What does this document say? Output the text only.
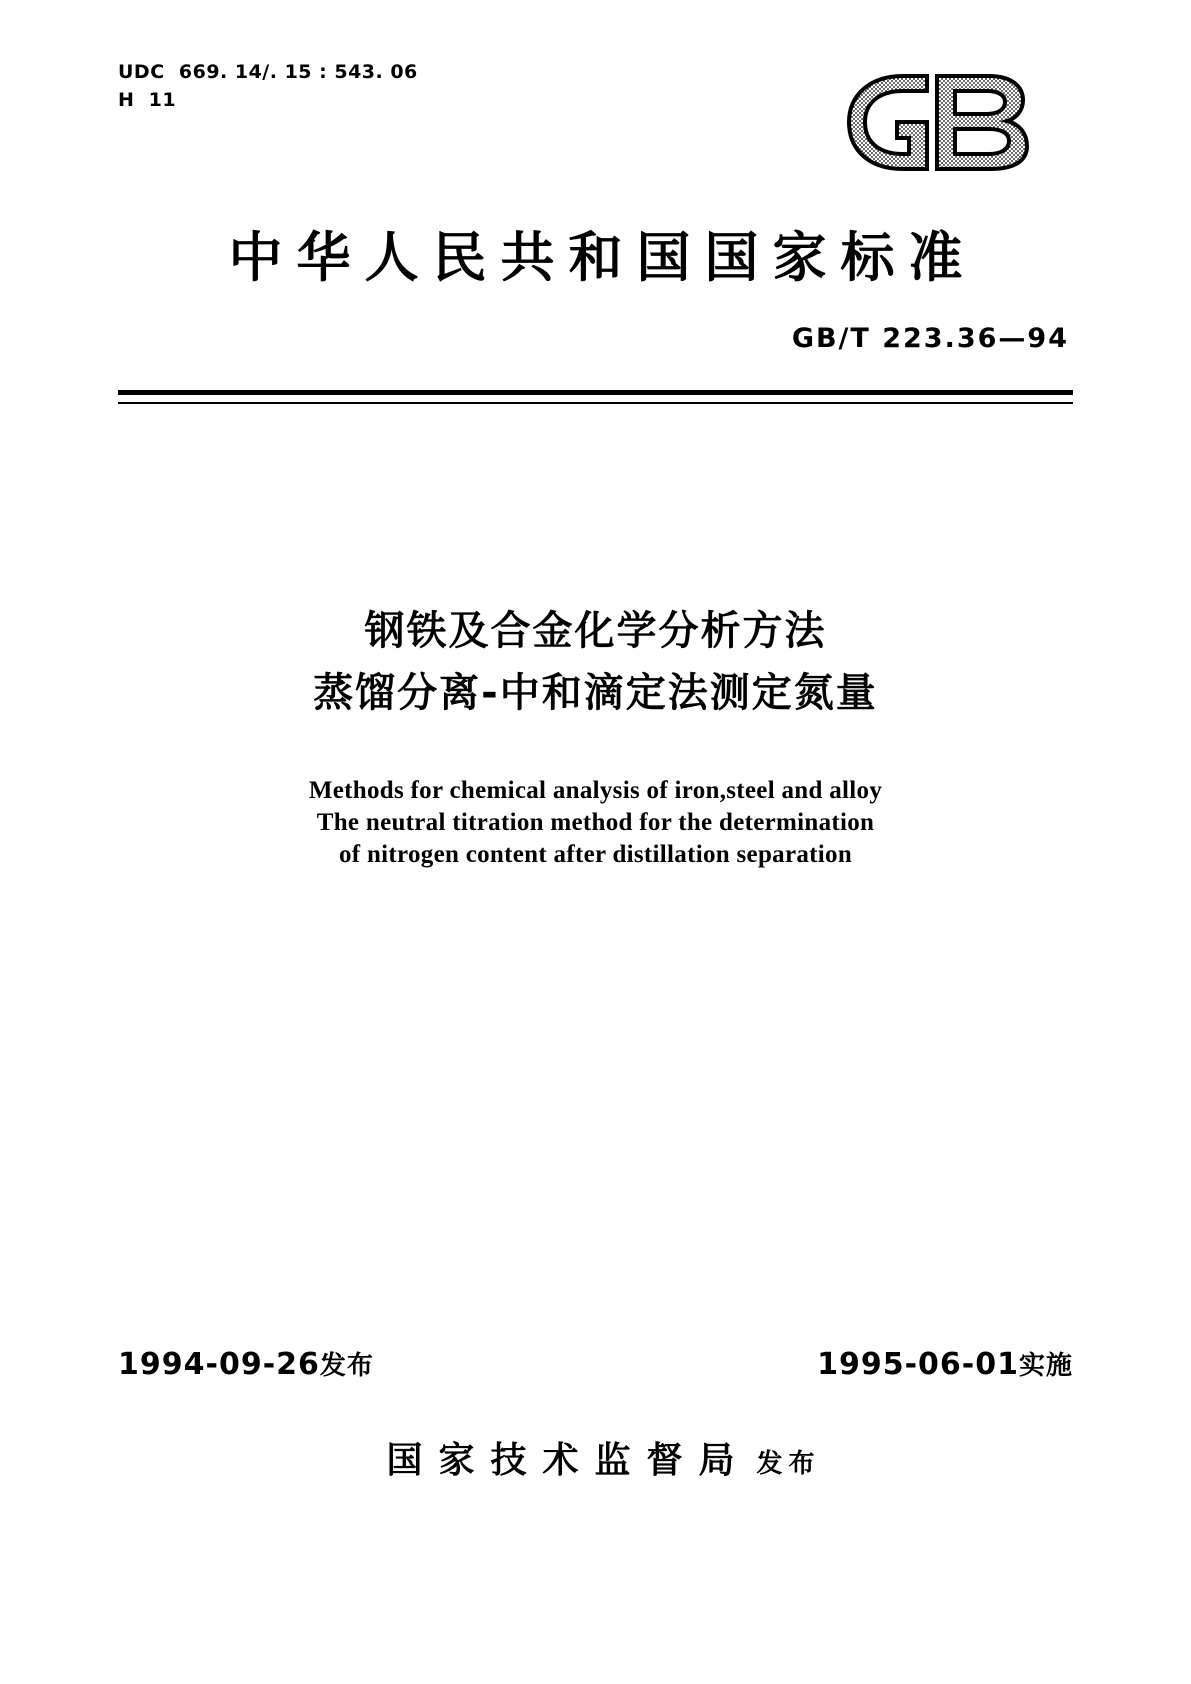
UDC  669. 14/. 15 : 543. 06
H  11
中华人民共和国国家标准
GB/T 223.36—94
钢铁及合金化学分析方法
蒸馏分离-中和滴定法测定氮量
Methods for chemical analysis of iron,steel and alloy
The neutral titration method for the determination
of nitrogen content after distillation separation
1994-09-26发布	1995-06-01实施
国家技术监督局 发布
